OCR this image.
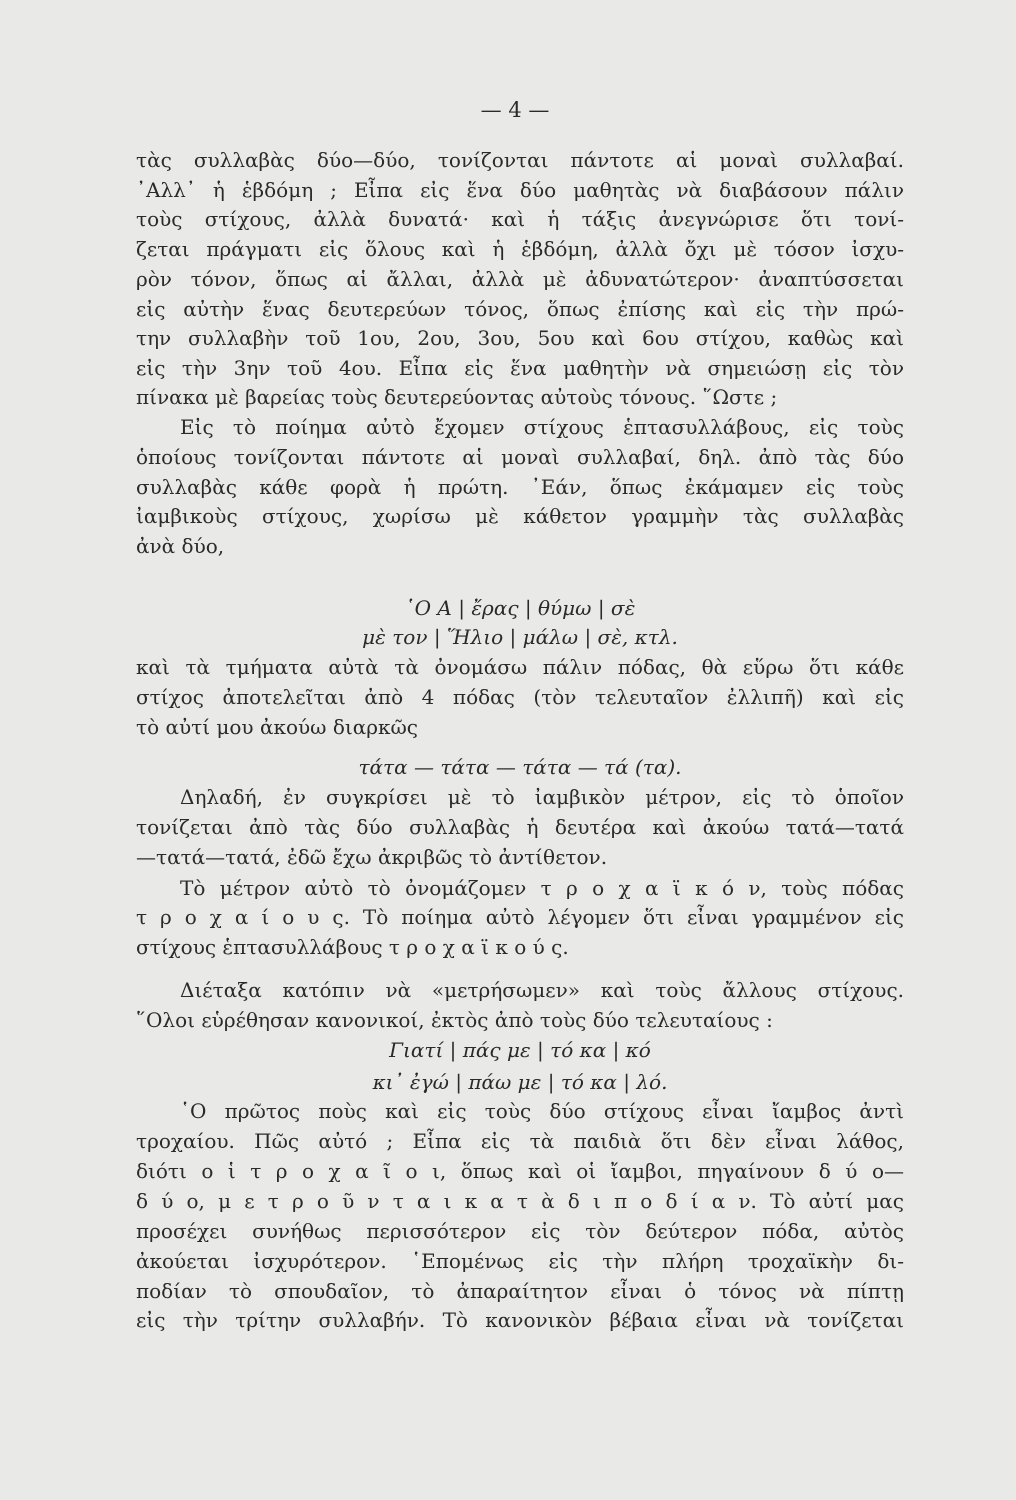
— 4 —
τὰς συλλαβὰς δύο—δύο, τονίζονται πάντοτε αἱ μοναὶ συλλαβαί.
᾿Αλλ᾿ ἡ ἑβδόμη ; Εἶπα εἰς ἕνα δύο μαθητὰς νὰ διαβάσουν πάλιν
τοὺς στίχους, ἀλλὰ δυνατά· καὶ ἡ τάξις ἀνεγνώρισε ὅτι τονί-
ζεται πράγματι εἰς ὅλους καὶ ἡ ἑβδόμη, ἀλλὰ ὄχι μὲ τόσον ἰσχυ-
ρὸν τόνον, ὅπως αἱ ἄλλαι, ἀλλὰ μὲ ἀδυνατώτερον· ἀναπτύσσεται
εἰς αὐτὴν ἕνας δευτερεύων τόνος, ὅπως ἐπίσης καὶ εἰς τὴν πρώ-
την συλλαβὴν τοῦ 1ου, 2ου, 3ου, 5ου καὶ 6ου στίχου, καθὼς καὶ
εἰς τὴν 3ην τοῦ 4ου. Εἶπα εἰς ἕνα μαθητὴν νὰ σημειώσῃ εἰς τὸν
πίνακα μὲ βαρείας τοὺς δευτερεύοντας αὐτοὺς τόνους. ῞Ωστε ;
Εἰς τὸ ποίημα αὐτὸ ἔχομεν στίχους ἑπτασυλλάβους, εἰς τοὺς
ὁποίους τονίζονται πάντοτε αἱ μοναὶ συλλαβαί, δηλ. ἀπὸ τὰς δύο
συλλαβὰς κάθε φορὰ ἡ πρώτη. ᾿Εάν, ὅπως ἐκάμαμεν εἰς τοὺς
ἰαμβικοὺς στίχους, χωρίσω μὲ κάθετον γραμμὴν τὰς συλλαβὰς
ἀνὰ δύο,
῾Ο Α | ἔρας | θύμω | σὲ
μὲ τον | Ἥλιο | μάλω | σὲ, κτλ.
καὶ τὰ τμήματα αὐτὰ τὰ ὀνομάσω πάλιν πόδας, θὰ εὕρω ὅτι κάθε
στίχος ἀποτελεῖται ἀπὸ 4 πόδας (τὸν τελευταῖον ἐλλιπῆ) καὶ εἰς
τὸ αὐτί μου ἀκούω διαρκῶς
τάτα — τάτα — τάτα — τά (τα).
Δηλαδή, ἐν συγκρίσει μὲ τὸ ἰαμβικὸν μέτρον, εἰς τὸ ὁποῖον
τονίζεται ἀπὸ τὰς δύο συλλαβὰς ἡ δευτέρα καὶ ἀκούω τατά—τατά
—τατά—τατά, ἐδῶ ἔχω ἀκριβῶς τὸ ἀντίθετον.
Τὸ μέτρον αὐτὸ τὸ ὀνομάζομεν τ ρ ο χ α ϊ κ ό ν, τοὺς πόδας
τ ρ ο χ α ί ο υ ς. Τὸ ποίημα αὐτὸ λέγομεν ὅτι εἶναι γραμμένον εἰς
στίχους ἑπτασυλλάβους τ ρ ο χ α ϊ κ ο ύ ς.
Διέταξα κατόπιν νὰ «μετρήσωμεν» καὶ τοὺς ἄλλους στίχους.
῞Ολοι εὑρέθησαν κανονικοί, ἐκτὸς ἀπὸ τοὺς δύο τελευταίους :
Γιατί | πάς με | τό κα | κό
κι᾿ ἐγώ | πάω με | τό κα | λό.
῾Ο πρῶτος ποὺς καὶ εἰς τοὺς δύο στίχους εἶναι ἴαμβος ἀντὶ
τροχαίου. Πῶς αὐτό ; Εἶπα εἰς τὰ παιδιὰ ὅτι δὲν εἶναι λάθος,
διότι ο ἱ τ ρ ο χ α ῖ ο ι, ὅπως καὶ οἱ ἴαμβοι, πηγαίνουν δ ύ ο—
δ ύ ο, μ ε τ ρ ο ῦ ν τ α ι κ α τ ὰ δ ι π ο δ ί α ν. Τὸ αὐτί μας
προσέχει συνήθως περισσότερον εἰς τὸν δεύτερον πόδα, αὐτὸς
ἀκούεται ἰσχυρότερον. ῾Επομένως εἰς τὴν πλήρη τροχαϊκὴν δι-
ποδίαν τὸ σπουδαῖον, τὸ ἀπαραίτητον εἶναι ὁ τόνος νὰ πίπτῃ
εἰς τὴν τρίτην συλλαβήν. Τὸ κανονικὸν βέβαια εἶναι νὰ τονίζεται
